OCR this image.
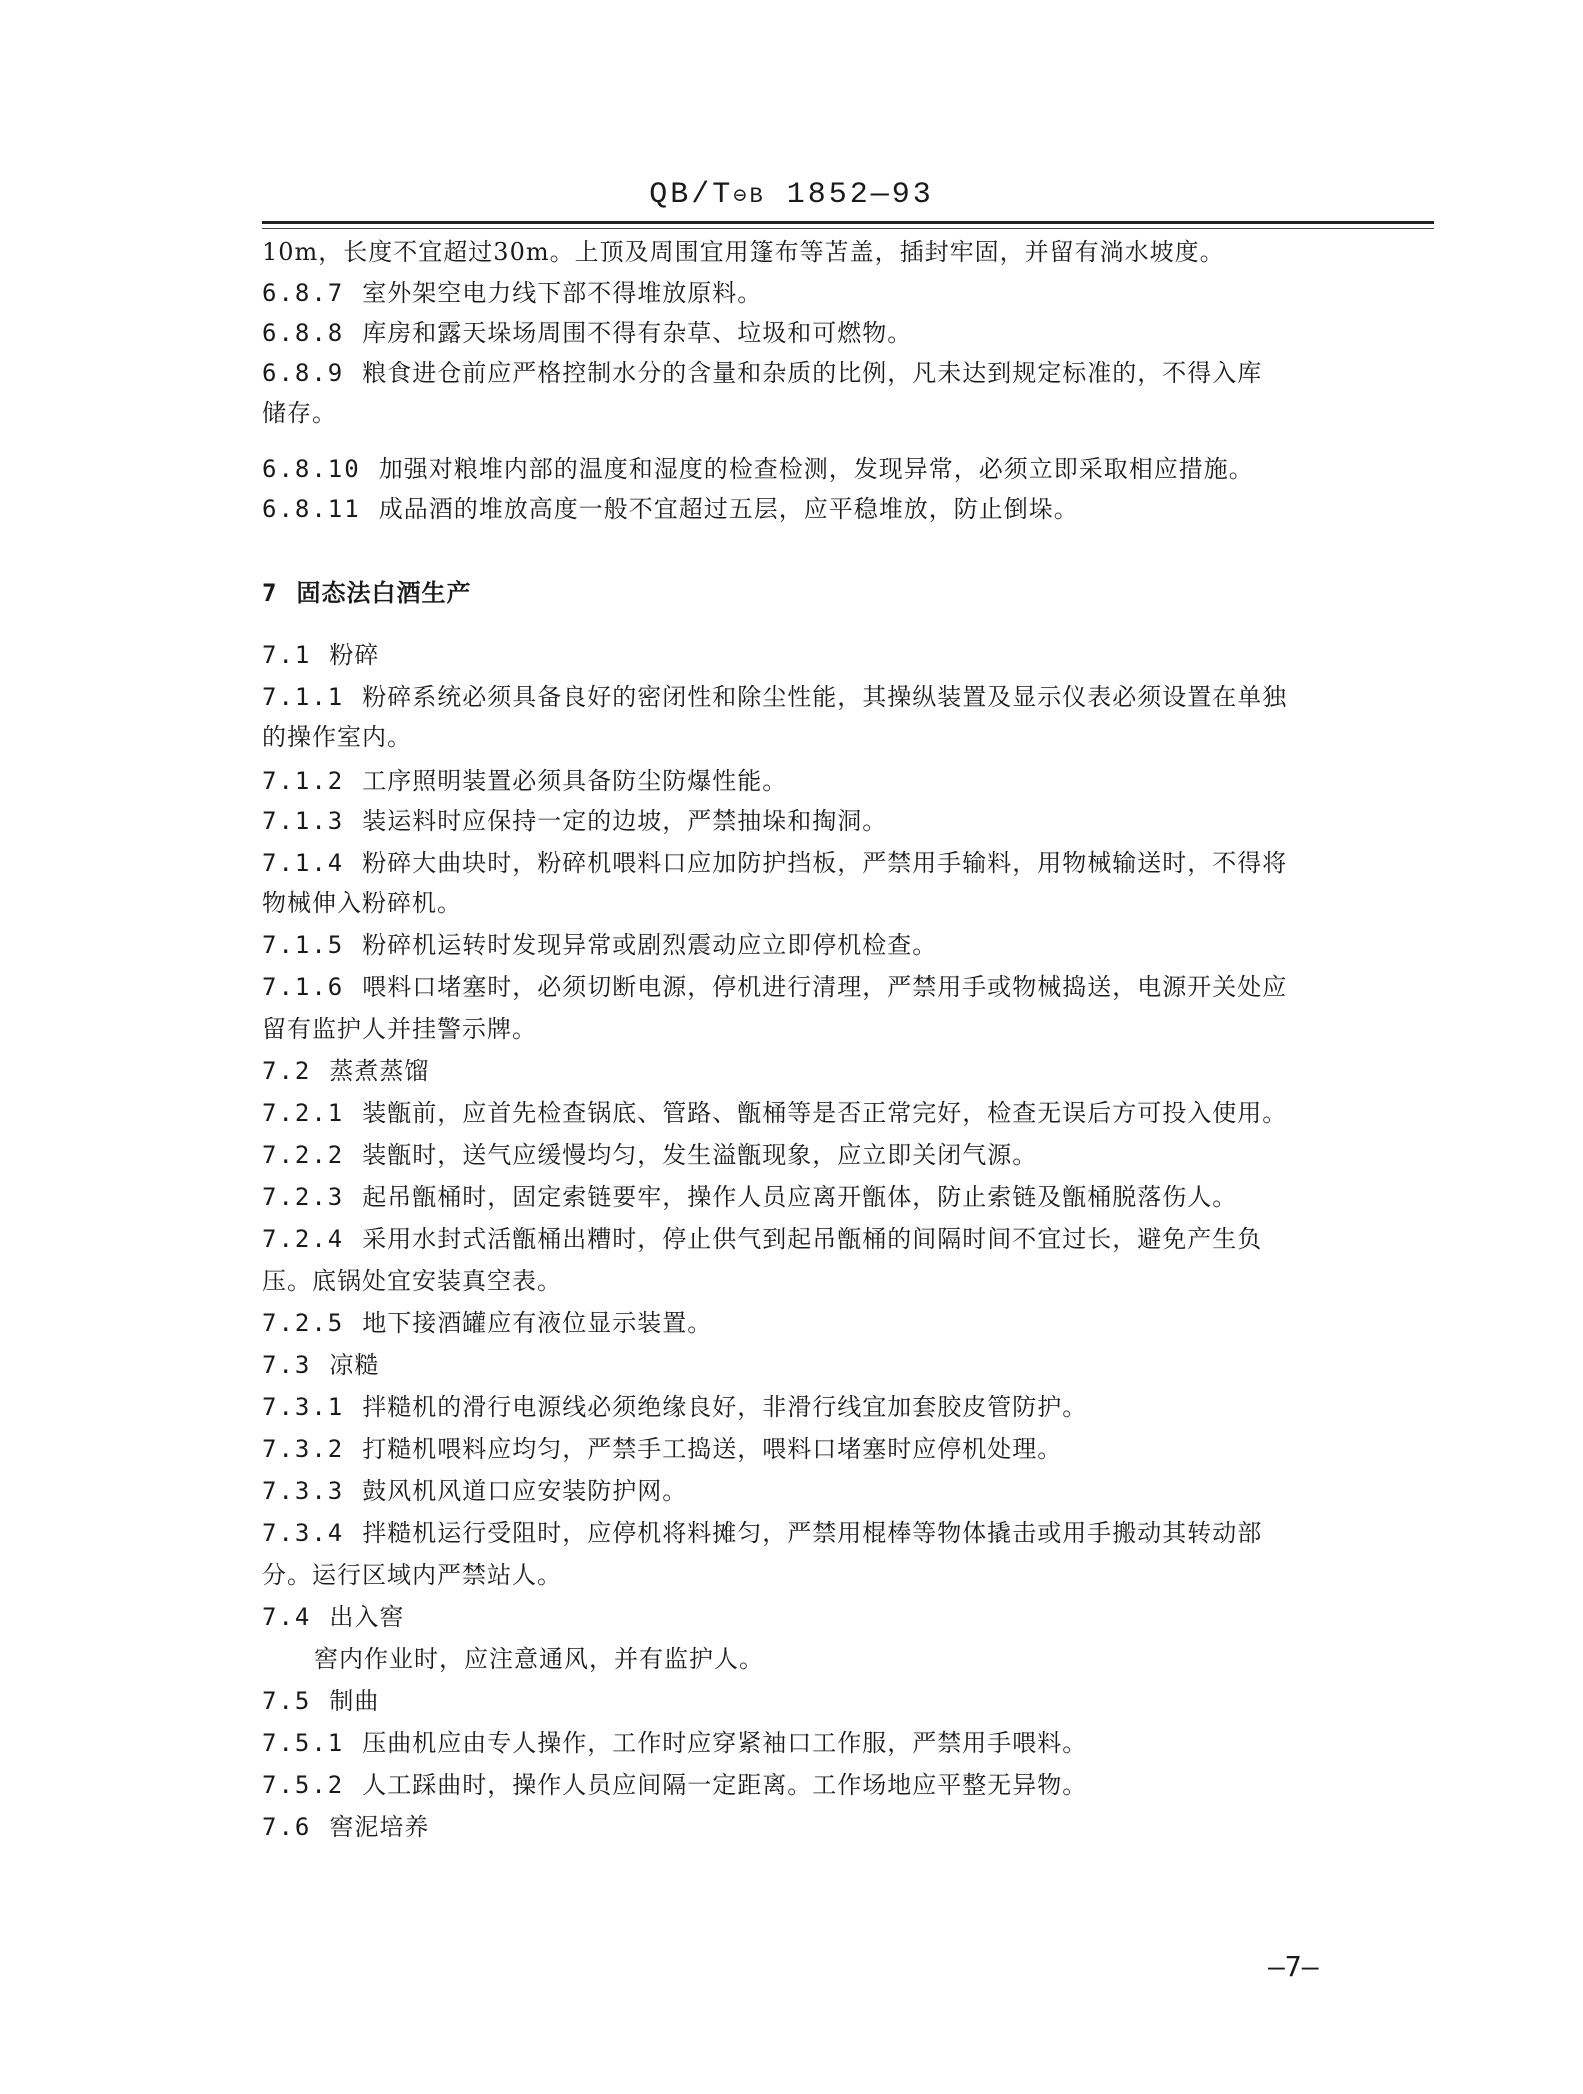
QB/T⊖B 1852—93
10m，长度不宜超过30m。上顶及周围宜用篷布等苫盖，插封牢固，并留有淌水坡度。
6.8.7 室外架空电力线下部不得堆放原料。
6.8.8 库房和露天垛场周围不得有杂草、垃圾和可燃物。
6.8.9 粮食进仓前应严格控制水分的含量和杂质的比例，凡未达到规定标准的，不得入库
储存。
6.8.10 加强对粮堆内部的温度和湿度的检查检测，发现异常，必须立即采取相应措施。
6.8.11 成品酒的堆放高度一般不宜超过五层，应平稳堆放，防止倒垛。
7 固态法白酒生产
7.1 粉碎
7.1.1 粉碎系统必须具备良好的密闭性和除尘性能，其操纵装置及显示仪表必须设置在单独
的操作室内。
7.1.2 工序照明装置必须具备防尘防爆性能。
7.1.3 装运料时应保持一定的边坡，严禁抽垛和掏洞。
7.1.4 粉碎大曲块时，粉碎机喂料口应加防护挡板，严禁用手输料，用物械输送时，不得将
物械伸入粉碎机。
7.1.5 粉碎机运转时发现异常或剧烈震动应立即停机检查。
7.1.6 喂料口堵塞时，必须切断电源，停机进行清理，严禁用手或物械捣送，电源开关处应
留有监护人并挂警示牌。
7.2 蒸煮蒸馏
7.2.1 装甑前，应首先检查锅底、管路、甑桶等是否正常完好，检查无误后方可投入使用。
7.2.2 装甑时，送气应缓慢均匀，发生溢甑现象，应立即关闭气源。
7.2.3 起吊甑桶时，固定索链要牢，操作人员应离开甑体，防止索链及甑桶脱落伤人。
7.2.4 采用水封式活甑桶出糟时，停止供气到起吊甑桶的间隔时间不宜过长，避免产生负
压。底锅处宜安装真空表。
7.2.5 地下接酒罐应有液位显示装置。
7.3 凉糙
7.3.1 拌糙机的滑行电源线必须绝缘良好，非滑行线宜加套胶皮管防护。
7.3.2 打糙机喂料应均匀，严禁手工捣送，喂料口堵塞时应停机处理。
7.3.3 鼓风机风道口应安装防护网。
7.3.4 拌糙机运行受阻时，应停机将料摊匀，严禁用棍棒等物体撬击或用手搬动其转动部
分。运行区域内严禁站人。
7.4 出入窖
窖内作业时，应注意通风，并有监护人。
7.5 制曲
7.5.1 压曲机应由专人操作，工作时应穿紧袖口工作服，严禁用手喂料。
7.5.2 人工踩曲时，操作人员应间隔一定距离。工作场地应平整无异物。
7.6 窖泥培养
—7—
